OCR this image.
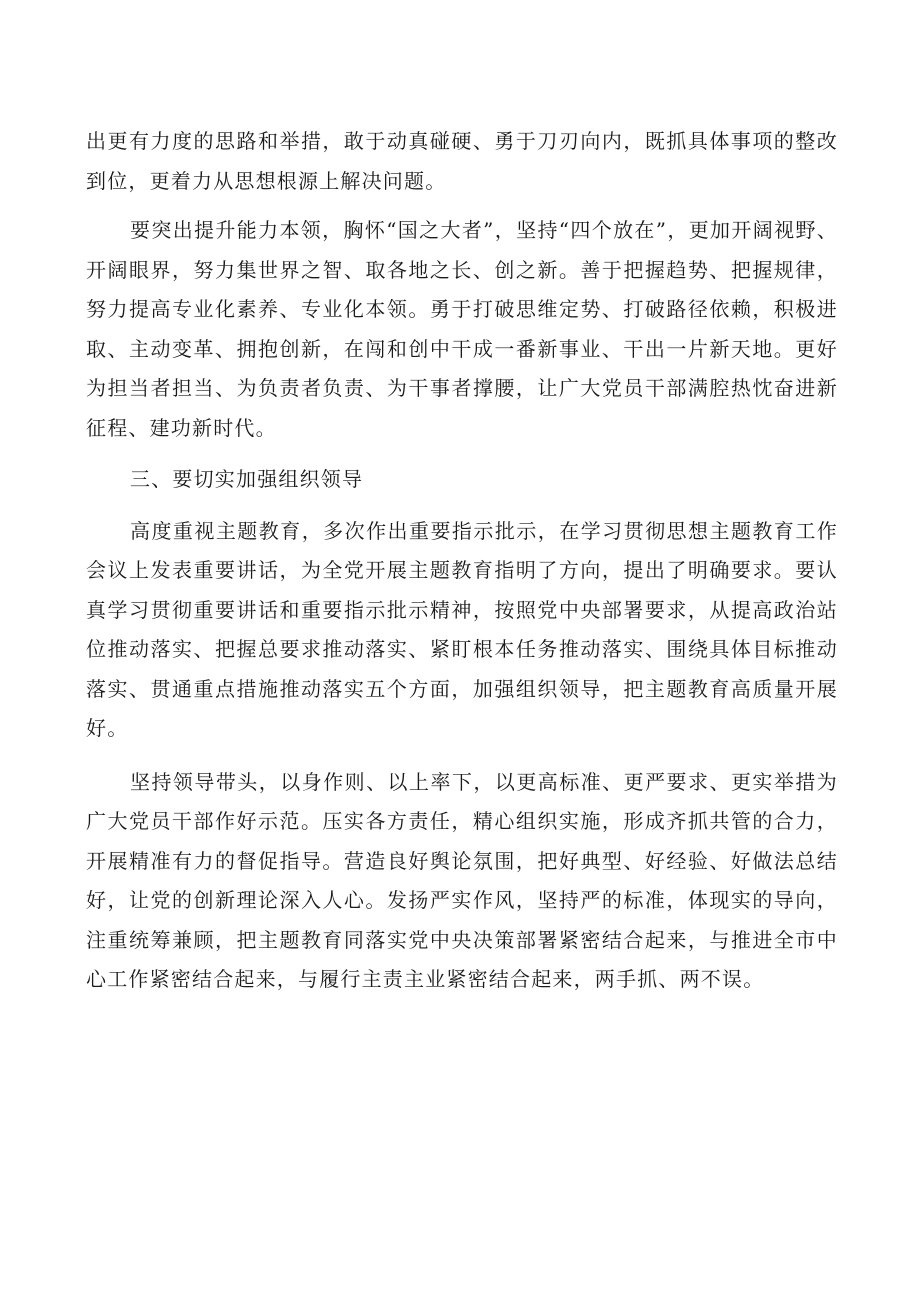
出更有力度的思路和举措，敢于动真碰硬、勇于刀刃向内，既抓具体事项的整改到位，更着力从思想根源上解决问题。

要突出提升能力本领，胸怀“国之大者”，坚持“四个放在”，更加开阔视野、开阔眼界，努力集世界之智、取各地之长、创之新。善于把握趋势、把握规律，努力提高专业化素养、专业化本领。勇于打破思维定势、打破路径依赖，积极进取、主动变革、拥抱创新，在闯和创中干成一番新事业、干出一片新天地。更好为担当者担当、为负责者负责、为干事者撑腰，让广大党员干部满腔热忱奋进新征程、建功新时代。

三、要切实加强组织领导

高度重视主题教育，多次作出重要指示批示，在学习贯彻思想主题教育工作会议上发表重要讲话，为全党开展主题教育指明了方向，提出了明确要求。要认真学习贯彻重要讲话和重要指示批示精神，按照党中央部署要求，从提高政治站位推动落实、把握总要求推动落实、紧盯根本任务推动落实、围绕具体目标推动落实、贯通重点措施推动落实五个方面，加强组织领导，把主题教育高质量开展好。

坚持领导带头，以身作则、以上率下，以更高标准、更严要求、更实举措为广大党员干部作好示范。压实各方责任，精心组织实施，形成齐抓共管的合力，开展精准有力的督促指导。营造良好舆论氛围，把好典型、好经验、好做法总结好，让党的创新理论深入人心。发扬严实作风，坚持严的标准，体现实的导向，注重统筹兼顾，把主题教育同落实党中央决策部署紧密结合起来，与推进全市中心工作紧密结合起来，与履行主责主业紧密结合起来，两手抓、两不误。
